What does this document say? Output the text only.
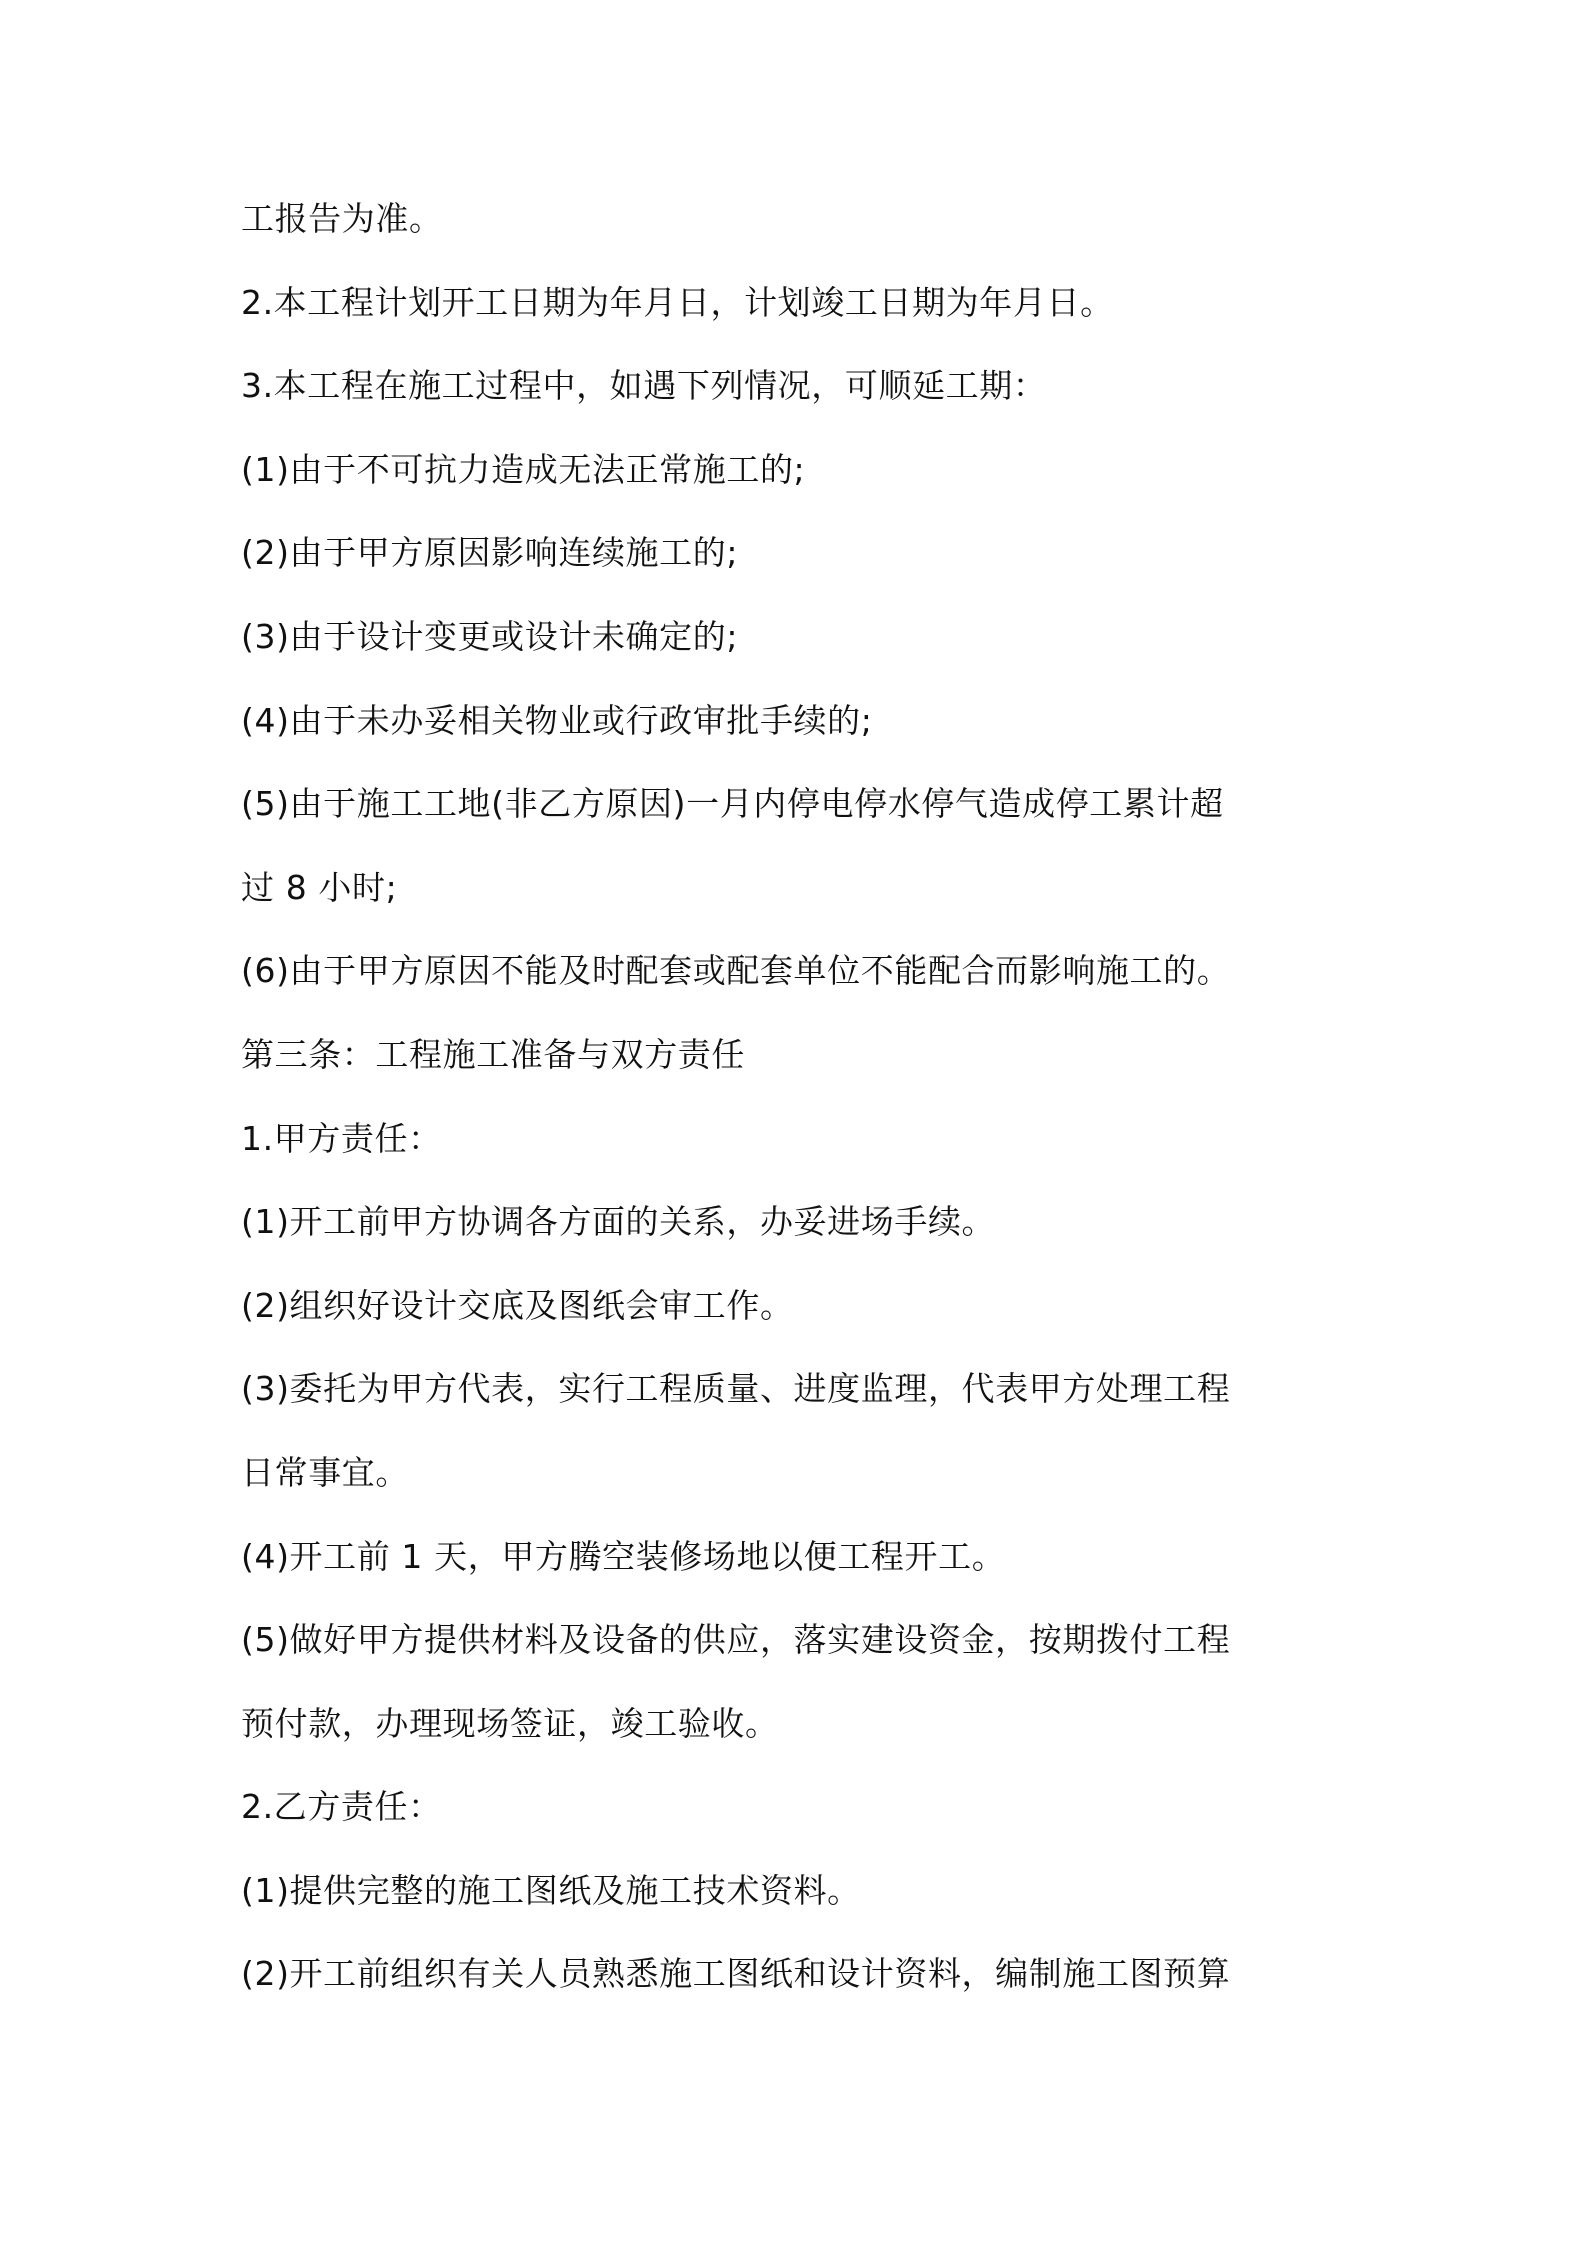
工报告为准。
2.本工程计划开工日期为年月日，计划竣工日期为年月日。
3.本工程在施工过程中，如遇下列情况，可顺延工期：
(1)由于不可抗力造成无法正常施工的;
(2)由于甲方原因影响连续施工的;
(3)由于设计变更或设计未确定的;
(4)由于未办妥相关物业或行政审批手续的;
(5)由于施工工地(非乙方原因)一月内停电停水停气造成停工累计超
过 8 小时;
(6)由于甲方原因不能及时配套或配套单位不能配合而影响施工的。
第三条：工程施工准备与双方责任
1.甲方责任：
(1)开工前甲方协调各方面的关系，办妥进场手续。
(2)组织好设计交底及图纸会审工作。
(3)委托为甲方代表，实行工程质量、进度监理，代表甲方处理工程
日常事宜。
(4)开工前 1 天，甲方腾空装修场地以便工程开工。
(5)做好甲方提供材料及设备的供应，落实建设资金，按期拨付工程
预付款，办理现场签证，竣工验收。
2.乙方责任：
(1)提供完整的施工图纸及施工技术资料。
(2)开工前组织有关人员熟悉施工图纸和设计资料，编制施工图预算
